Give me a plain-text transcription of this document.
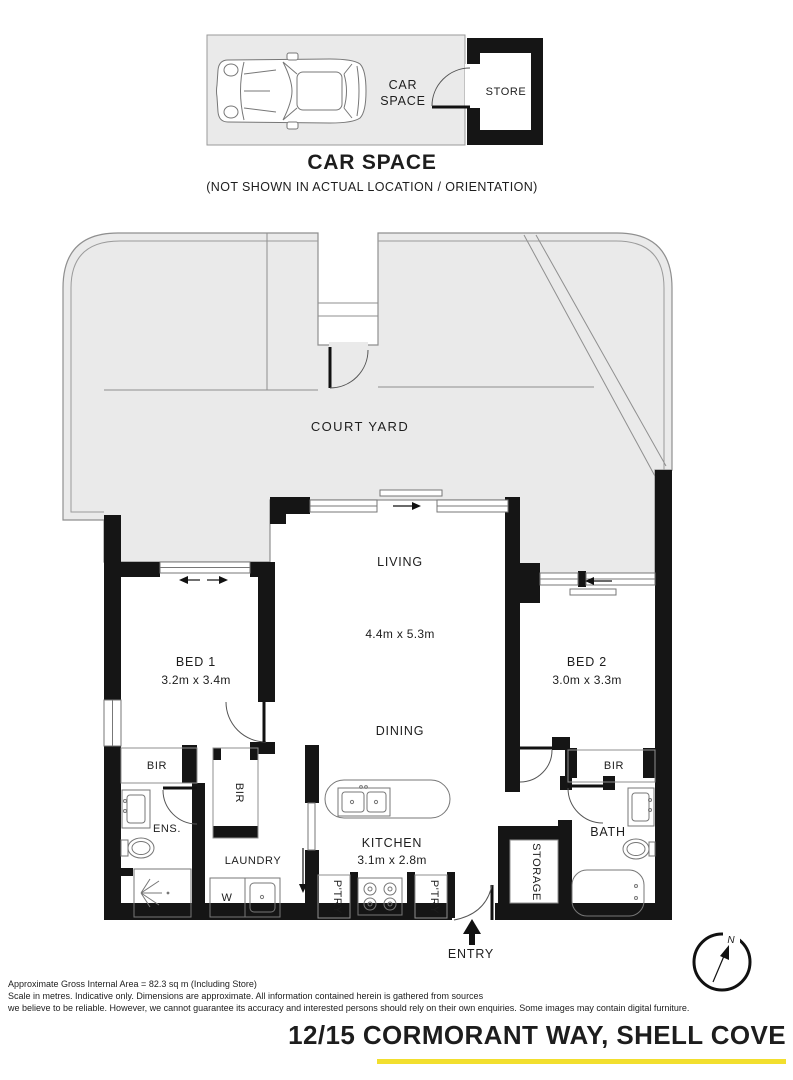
CAR
SPACE
STORE
CAR SPACE
(NOT SHOWN IN ACTUAL LOCATION / ORIENTATION)
COURT YARD
LIVING
4.4m x 5.3m
DINING
BED 1
3.2m x 3.4m
BED 2
3.0m x 3.3m
KITCHEN
3.1m x 2.8m
BIR	BIR
BIR
ENS.
LAUNDRY
W	P'TRY	P'TRY	STORAGE
BATH
ENTRY
N
Approximate Gross Internal Area = 82.3 sq m (Including Store)
Scale in metres. Indicative only. Dimensions are approximate. All information contained herein is gathered from sources
we believe to be reliable. However, we cannot guarantee its accuracy and interested persons should rely on their own enquiries. Some images may contain digital furniture.
12/15 CORMORANT WAY, SHELL COVE
